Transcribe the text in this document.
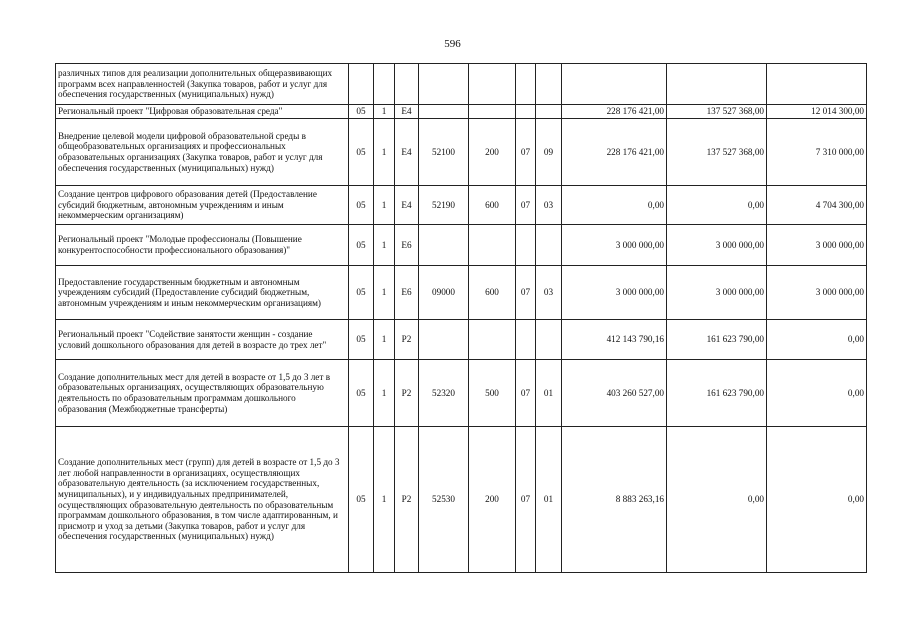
596
различных типов для реализации дополнительных общеразвивающих программ всех направленностей (Закупка товаров, работ и услуг для обеспечения государственных (муниципальных) нужд)										
Региональный проект "Цифровая образовательная среда"	05	1	E4					228 176 421,00	137 527 368,00	12 014 300,00
Внедрение целевой модели цифровой образовательной среды в общеобразовательных организациях и профессиональных образовательных организациях (Закупка товаров, работ и услуг для обеспечения государственных (муниципальных) нужд)	05	1	E4	52100	200	07	09	228 176 421,00	137 527 368,00	7 310 000,00
Создание центров цифрового образования детей (Предоставление субсидий бюджетным, автономным учреждениям и иным некоммерческим организациям)	05	1	E4	52190	600	07	03	0,00	0,00	4 704 300,00
Региональный проект "Молодые профессионалы (Повышение конкурентоспособности профессионального образования)"	05	1	E6					3 000 000,00	3 000 000,00	3 000 000,00
Предоставление государственным бюджетным и автономным учреждениям субсидий (Предоставление субсидий бюджетным, автономным учреждениям и иным некоммерческим организациям)	05	1	E6	09000	600	07	03	3 000 000,00	3 000 000,00	3 000 000,00
Региональный проект "Содействие занятости женщин - создание условий дошкольного образования для детей в возрасте до трех лет"	05	1	P2					412 143 790,16	161 623 790,00	0,00
Создание дополнительных мест для детей в возрасте от 1,5 до 3 лет в образовательных организациях, осуществляющих образовательную деятельность по образовательным программам дошкольного образования (Межбюджетные трансферты)	05	1	P2	52320	500	07	01	403 260 527,00	161 623 790,00	0,00
Создание дополнительных мест (групп) для детей в возрасте от 1,5 до 3 лет любой направленности в организациях, осуществляющих образовательную деятельность (за исключением государственных, муниципальных), и у индивидуальных предпринимателей, осуществляющих образовательную деятельность по образовательным программам дошкольного образования, в том числе адаптированным, и присмотр и уход за детьми (Закупка товаров, работ и услуг для обеспечения государственных (муниципальных) нужд)	05	1	P2	52530	200	07	01	8 883 263,16	0,00	0,00
